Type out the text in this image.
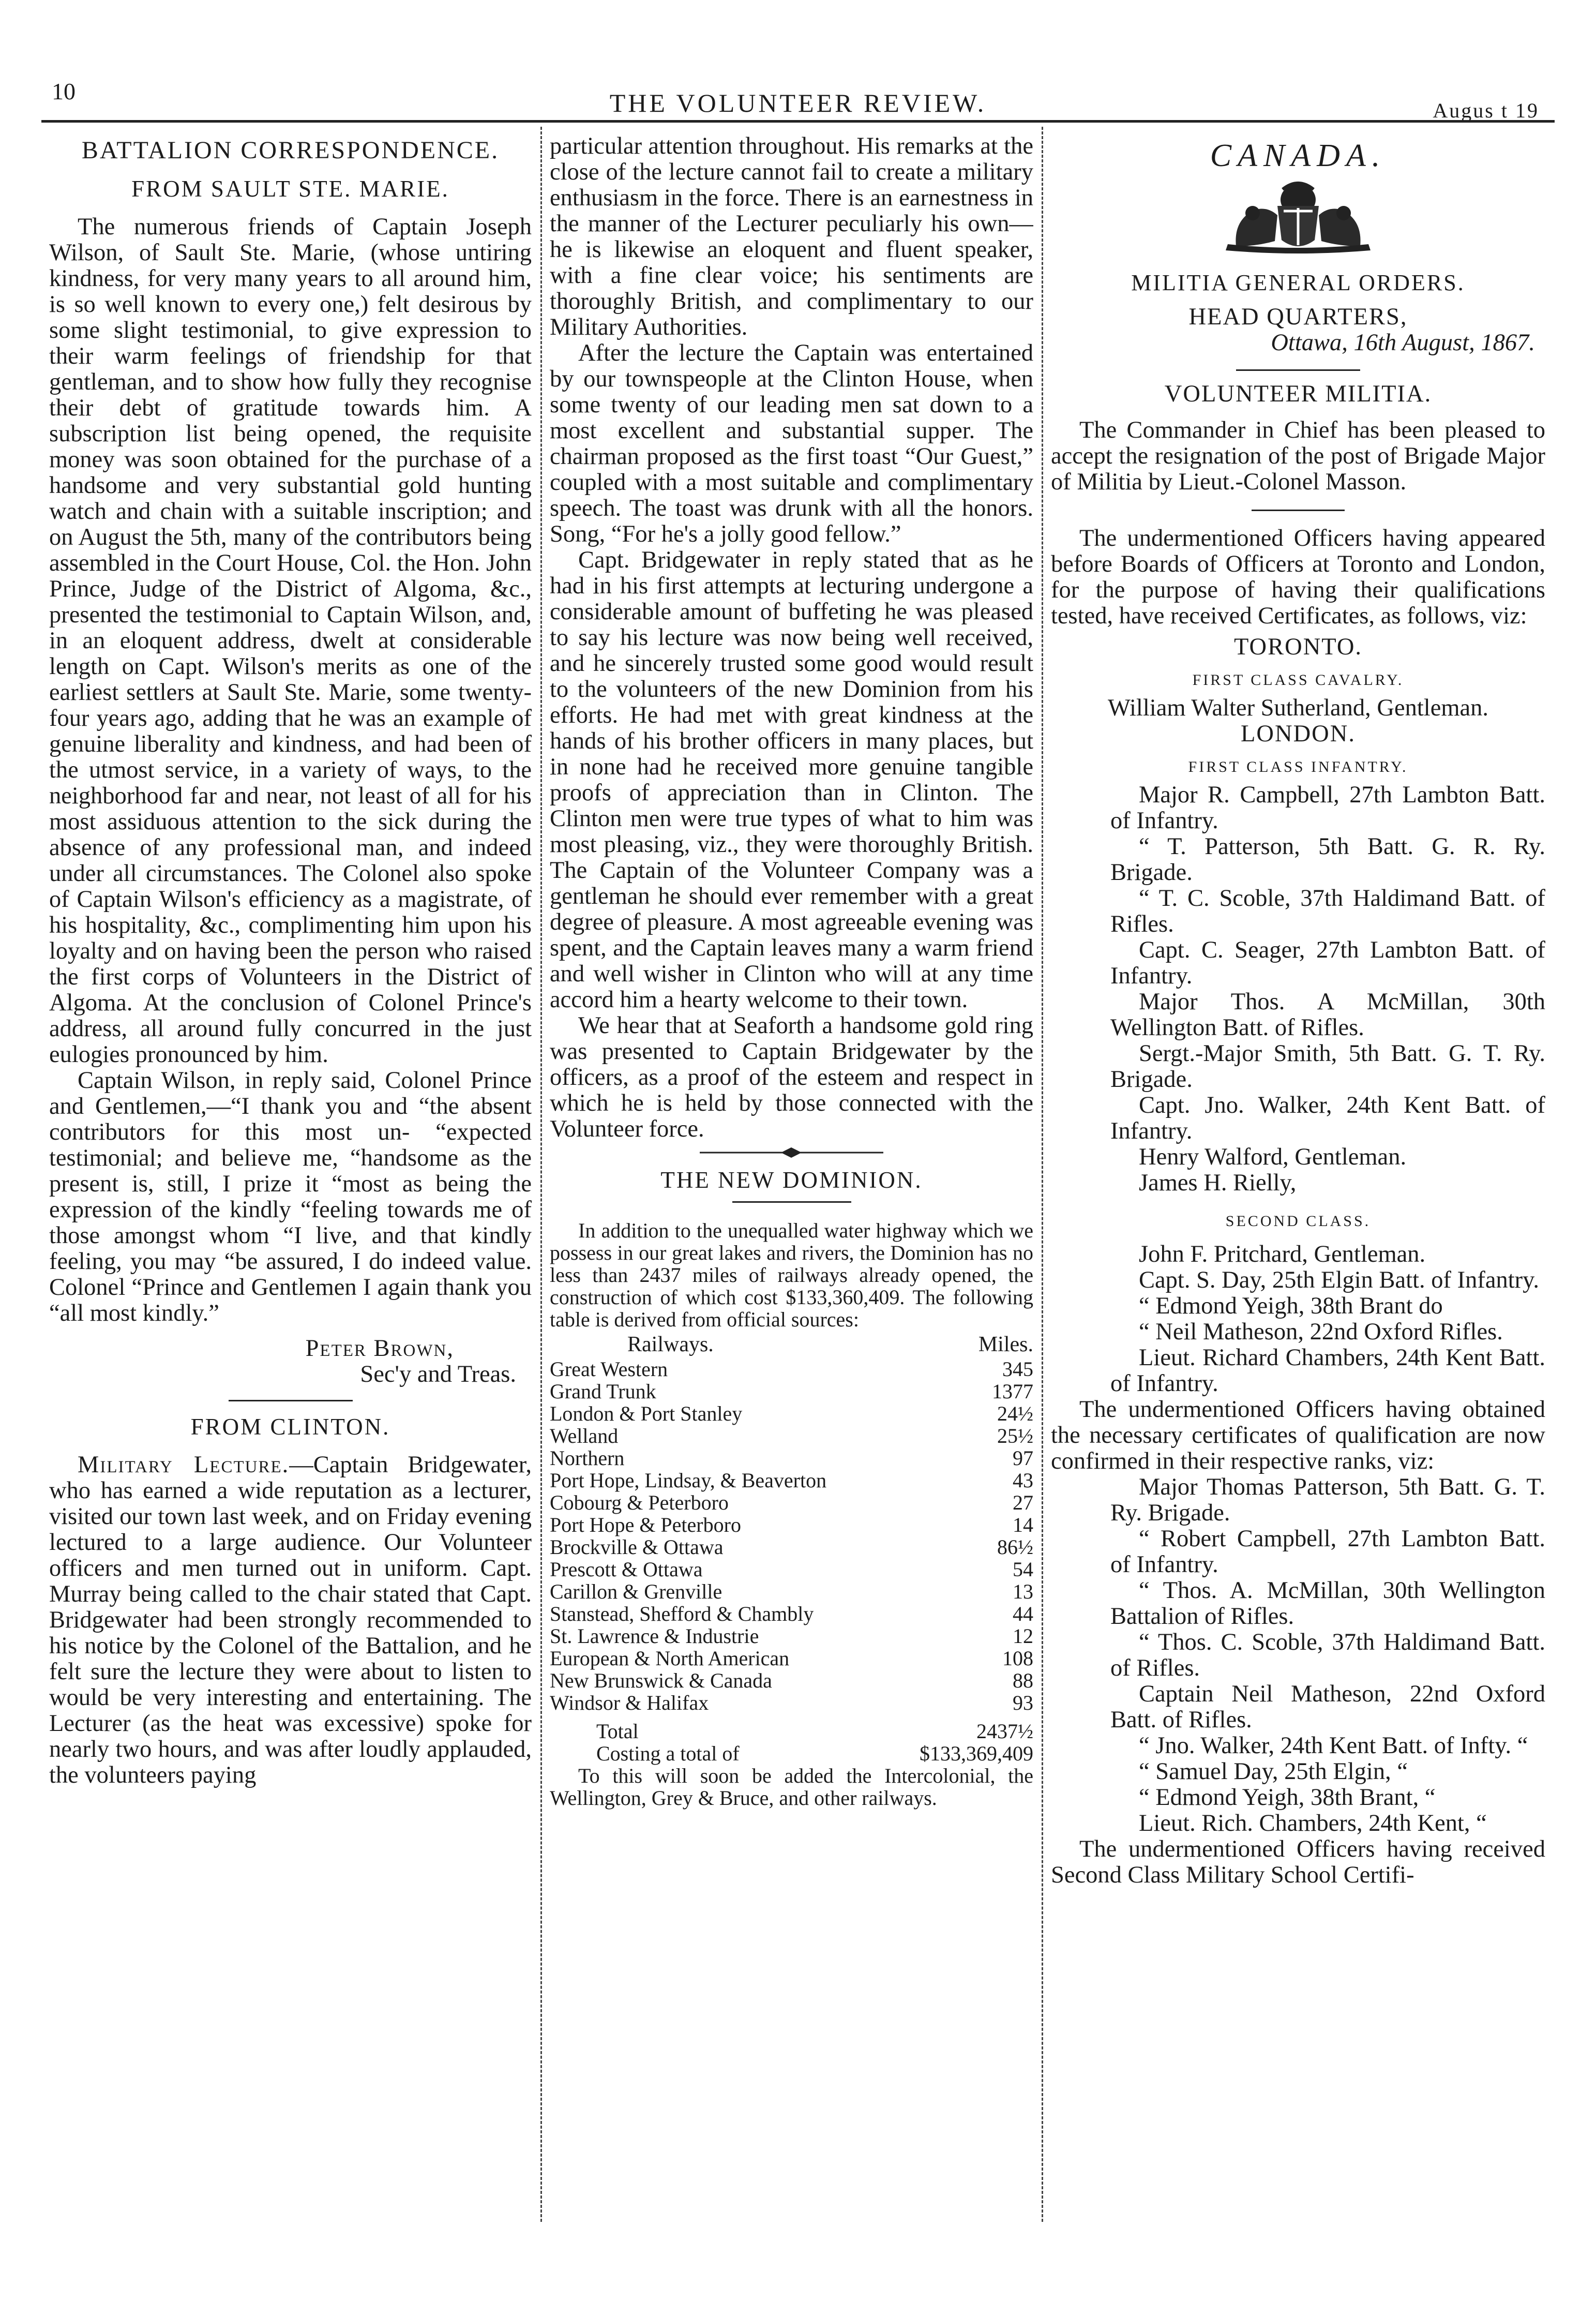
10	THE VOLUNTEER REVIEW.	Augus t 19
BATTALION CORRESPONDENCE.
FROM SAULT STE. MARIE.

The numerous friends of Captain Joseph Wilson, of Sault Ste. Marie, (whose untiring kindness, for very many years to all around him, is so well known to every one,) felt desirous by some slight testimonial, to give expression to their warm feelings of friendship for that gentleman, and to show how fully they recognise their debt of gratitude towards him. A subscription list being opened, the requisite money was soon obtained for the purchase of a handsome and very substantial gold hunting watch and chain with a suitable inscription; and on August the 5th, many of the contributors being assembled in the Court House, Col. the Hon. John Prince, Judge of the District of Algoma, &c., presented the testimonial to Captain Wilson, and, in an eloquent address, dwelt at considerable length on Capt. Wilson's merits as one of the earliest settlers at Sault Ste. Marie, some twenty-four years ago, adding that he was an example of genuine liberality and kindness, and had been of the utmost service, in a variety of ways, to the neighborhood far and near, not least of all for his most assiduous attention to the sick during the absence of any professional man, and indeed under all circumstances. The Colonel also spoke of Captain Wilson's efficiency as a magistrate, of his hospitality, &c., complimenting him upon his loyalty and on having been the person who raised the first corps of Volunteers in the District of Algoma. At the conclusion of Colonel Prince's address, all around fully concurred in the just eulogies pronounced by him.

Captain Wilson, in reply said, Colonel Prince and Gentlemen,—“I thank you and “the absent contributors for this most un- “expected testimonial; and believe me, “handsome as the present is, still, I prize it “most as being the expression of the kindly “feeling towards me of those amongst whom “I live, and that kindly feeling, you may “be assured, I do indeed value. Colonel “Prince and Gentlemen I again thank you “all most kindly.”

Peter Brown,
Sec'y and Treas.
FROM CLINTON.

Military Lecture.—Captain Bridgewater, who has earned a wide reputation as a lecturer, visited our town last week, and on Friday evening lectured to a large audience. Our Volunteer officers and men turned out in uniform. Capt. Murray being called to the chair stated that Capt. Bridgewater had been strongly recommended to his notice by the Colonel of the Battalion, and he felt sure the lecture they were about to listen to would be very interesting and entertaining. The Lecturer (as the heat was excessive) spoke for nearly two hours, and was after loudly applauded, the volunteers paying

particular attention throughout. His remarks at the close of the lecture cannot fail to create a military enthusiasm in the force. There is an earnestness in the manner of the Lecturer peculiarly his own—he is likewise an eloquent and fluent speaker, with a fine clear voice; his sentiments are thoroughly British, and complimentary to our Military Authorities.

After the lecture the Captain was entertained by our townspeople at the Clinton House, when some twenty of our leading men sat down to a most excellent and substantial supper. The chairman proposed as the first toast “Our Guest,” coupled with a most suitable and complimentary speech. The toast was drunk with all the honors. Song, “For he's a jolly good fellow.”

Capt. Bridgewater in reply stated that as he had in his first attempts at lecturing undergone a considerable amount of buffeting he was pleased to say his lecture was now being well received, and he sincerely trusted some good would result to the volunteers of the new Dominion from his efforts. He had met with great kindness at the hands of his brother officers in many places, but in none had he received more genuine tangible proofs of appreciation than in Clinton. The Clinton men were true types of what to him was most pleasing, viz., they were thoroughly British. The Captain of the Volunteer Company was a gentleman he should ever remember with a great degree of pleasure. A most agreeable evening was spent, and the Captain leaves many a warm friend and well wisher in Clinton who will at any time accord him a hearty welcome to their town.

We hear that at Seaforth a handsome gold ring was presented to Captain Bridgewater by the officers, as a proof of the esteem and respect in which he is held by those connected with the Volunteer force.

THE NEW DOMINION.

In addition to the unequalled water highway which we possess in our great lakes and rivers, the Dominion has no less than 2437 miles of railways already opened, the construction of which cost $133,360,409. The following table is derived from official sources:

Railways.	Miles.
Great Western	345
Grand Trunk	1377
London & Port Stanley	24½
Welland	25½
Northern	97
Port Hope, Lindsay, & Beaverton	43
Cobourg & Peterboro	27
Port Hope & Peterboro	14
Brockville & Ottawa	86½
Prescott & Ottawa	54
Carillon & Grenville	13
Stanstead, Shefford & Chambly	44
St. Lawrence & Industrie	12
European & North American	108
New Brunswick & Canada	88
Windsor & Halifax	93
Total	2437½
Costing a total of	$133,369,409

To this will soon be added the Intercolonial, the Wellington, Grey & Bruce, and other railways.

CANADA.
MILITIA GENERAL ORDERS.
HEAD QUARTERS,
Ottawa, 16th August, 1867.
VOLUNTEER MILITIA.

The Commander in Chief has been pleased to accept the resignation of the post of Brigade Major of Militia by Lieut.-Colonel Masson.

The undermentioned Officers having appeared before Boards of Officers at Toronto and London, for the purpose of having their qualifications tested, have received Certificates, as follows, viz:

TORONTO.
FIRST CLASS CAVALRY.
William Walter Sutherland, Gentleman.
LONDON.
FIRST CLASS INFANTRY.

Major R. Campbell, 27th Lambton Batt. of Infantry.

“ T. Patterson, 5th Batt. G. R. Ry. Brigade.

“ T. C. Scoble, 37th Haldimand Batt. of Rifles.

Capt. C. Seager, 27th Lambton Batt. of Infantry.

Major Thos. A McMillan, 30th Wellington Batt. of Rifles.

Sergt.-Major Smith, 5th Batt. G. T. Ry. Brigade.

Capt. Jno. Walker, 24th Kent Batt. of Infantry.

Henry Walford, Gentleman.

James H. Rielly,

SECOND CLASS.

John F. Pritchard, Gentleman.

Capt. S. Day, 25th Elgin Batt. of Infantry.

“ Edmond Yeigh, 38th Brant do

“ Neil Matheson, 22nd Oxford Rifles.

Lieut. Richard Chambers, 24th Kent Batt. of Infantry.

The undermentioned Officers having obtained the necessary certificates of qualification are now confirmed in their respective ranks, viz:

Major Thomas Patterson, 5th Batt. G. T. Ry. Brigade.

“ Robert Campbell, 27th Lambton Batt. of Infantry.

“ Thos. A. McMillan, 30th Wellington Battalion of Rifles.

“ Thos. C. Scoble, 37th Haldimand Batt. of Rifles.

Captain Neil Matheson, 22nd Oxford Batt. of Rifles.

“ Jno. Walker, 24th Kent Batt. of Infty. “

“ Samuel Day, 25th Elgin, “

“ Edmond Yeigh, 38th Brant, “

Lieut. Rich. Chambers, 24th Kent, “

The undermentioned Officers having received Second Class Military School Certifi-
